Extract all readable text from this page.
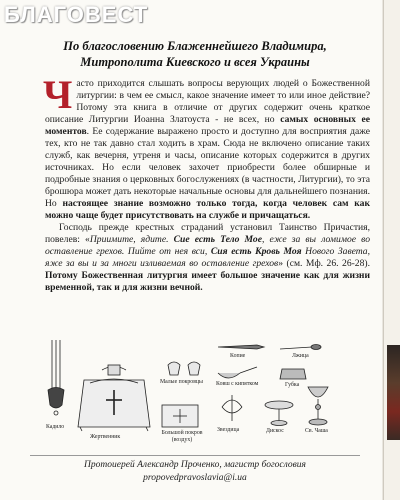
БЛАГОВЕСТ
По благословению Блаженнейшего Владимира,
Митрополита Киевского и всея Украины

Часто приходится слышать вопросы верующих людей о Божественной литургии: в чем ее смысл, какое значение имеет то или иное действие? Потому эта книга в отличие от других содержит очень краткое описание Литургии Иоанна Златоуста - не всех, но самых основных ее моментов. Ее содержание выражено просто и доступно для восприятия даже тех, кто не так давно стал ходить в храм. Сюда не включено описание таких служб, как вечерня, утреня и часы, описание которых содержится в других источниках. Но если человек захочет приобрести более обширные и подробные знания о церковных богослужениях (в частности, Литургии), то эта брошюра может дать некоторые начальные основы для дальнейшего познания. Но настоящее знание возможно только тогда, когда человек сам как можно чаще будет присутствовать на службе и причащаться.

Господь прежде крестных страданий установил Таинство Причастия, повелев: «Приимите, ядите. Сие есть Тело Мое, еже за вы ломимое во оставление грехов. Пийте от нея вси, Сия есть Кровь Моя Нового Завета, яже за вы и за многи изливаемая во оставление грехов» (см. Мф. 26. 26-28). Потому Божественная литургия имеет большое значение как для жизни временной, так и для жизни вечной.

Кадило
Жертвенник
Малые покровцы
Большой покров (воздух)
Копие	Лжица
Ковш с кипятком	Губка
Звездица	Дискос	Св. Чаша
Протоиерей Александр Проченко, магистр богословия
propovedpravoslavia@i.ua
